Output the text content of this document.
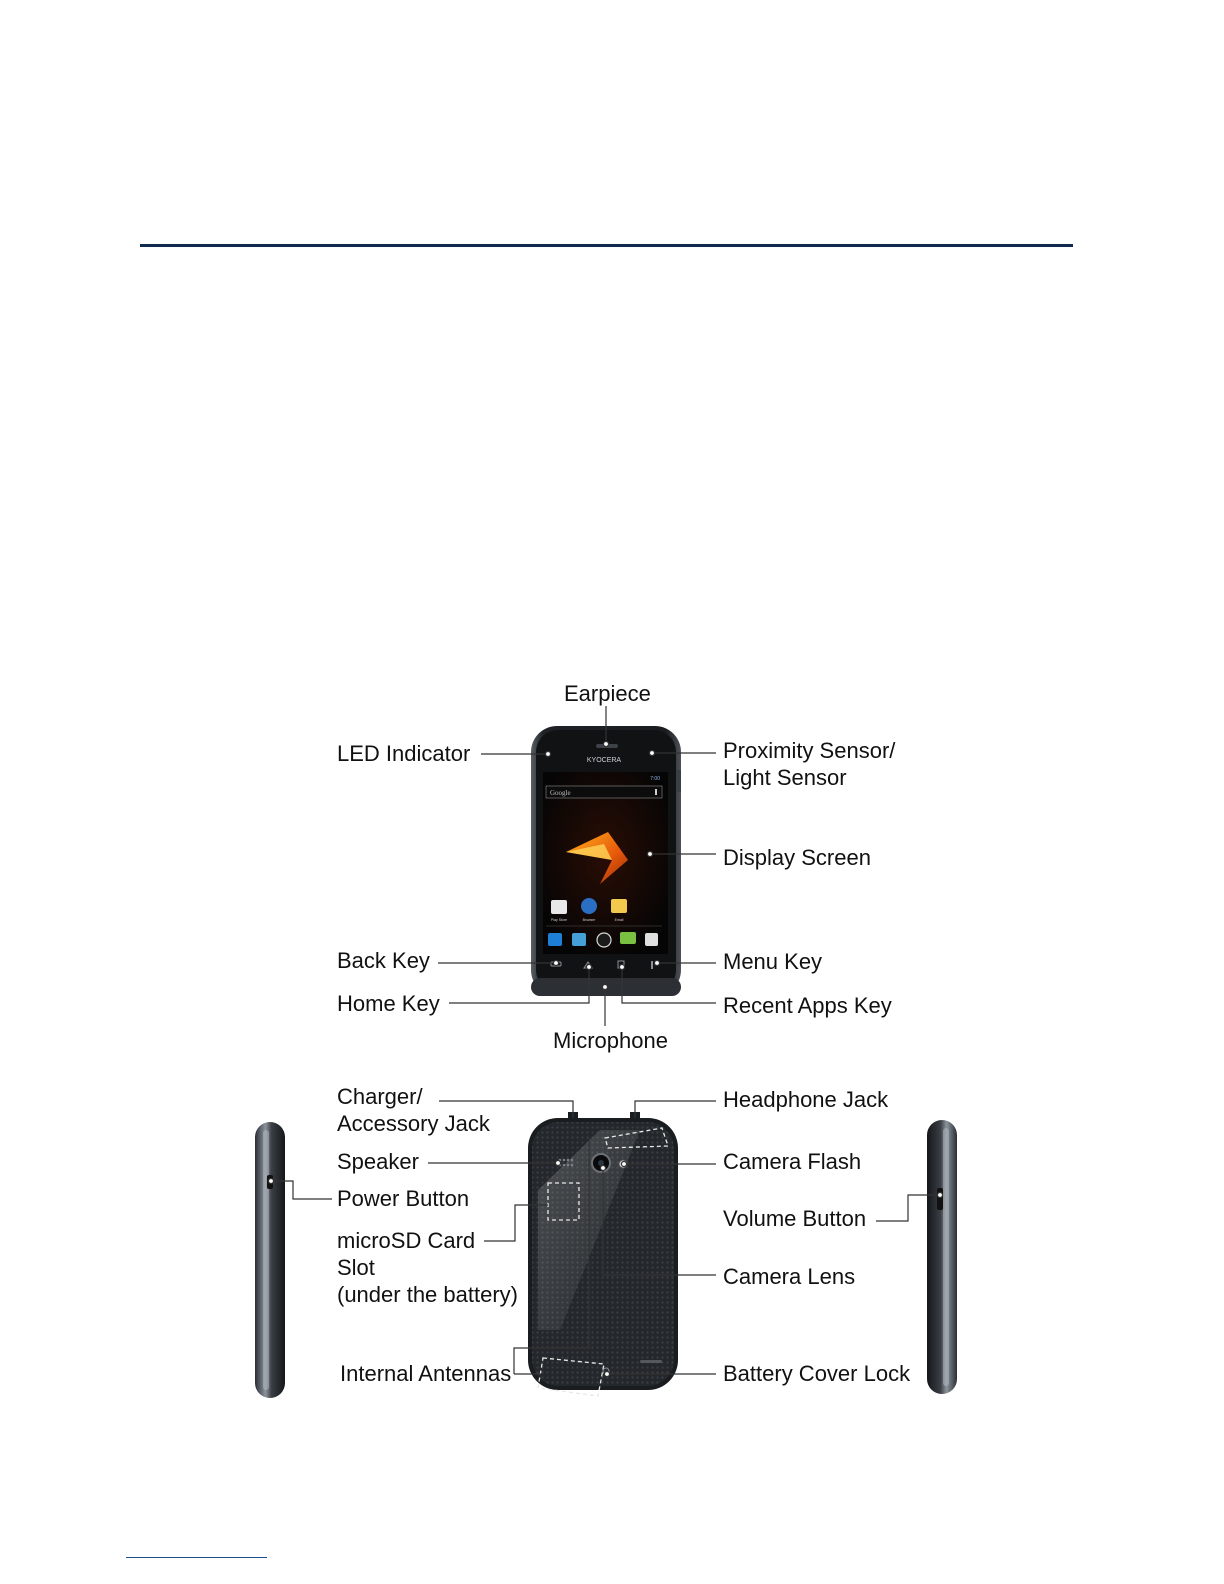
KYOCERA
7:00
Google
Play Store	Browser	Email
Earpiece
LED Indicator	Proximity Sensor/
Light Sensor
Display Screen
Back Key	Menu Key
Home Key	Recent Apps Key
Microphone
Charger/
Accessory Jack
Headphone Jack
Speaker	Camera Flash
Power Button
Volume Button
microSD Card
Slot
(under the battery)
Camera Lens
Internal Antennas	Battery Cover Lock
